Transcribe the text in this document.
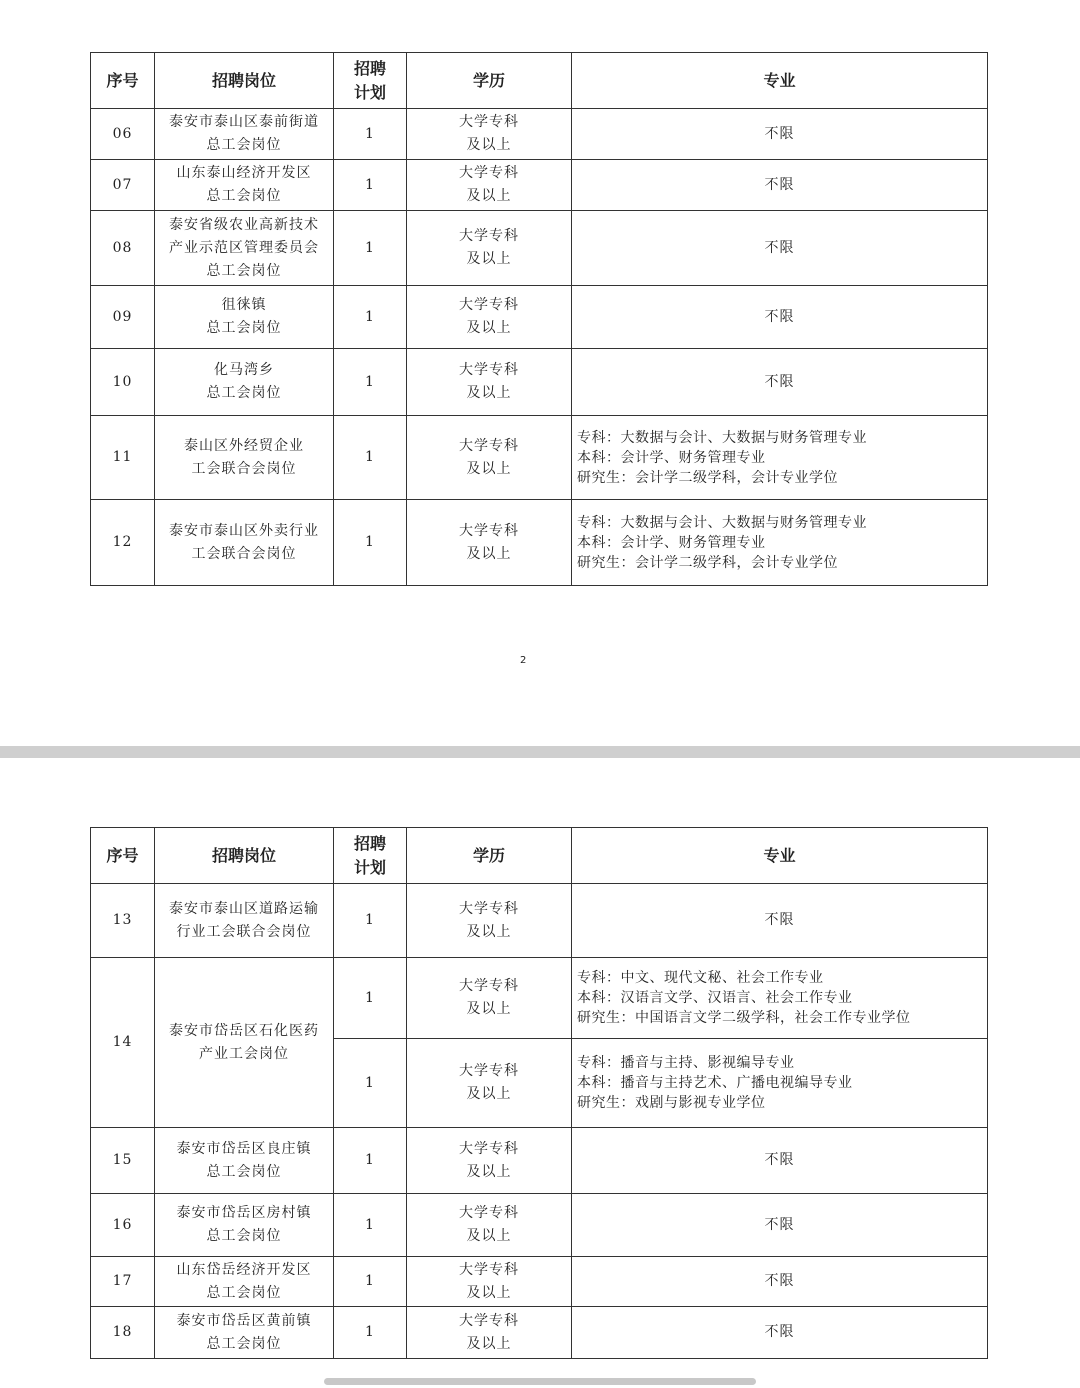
序号	招聘岗位	招聘
计划	学历	专业
06	泰安市泰山区泰前街道
总工会岗位	1	大学专科
及以上	不限
07	山东泰山经济开发区
总工会岗位	1	大学专科
及以上	不限
08	泰安省级农业高新技术
产业示范区管理委员会
总工会岗位	1	大学专科
及以上	不限
09	徂徕镇
总工会岗位	1	大学专科
及以上	不限
10	化马湾乡
总工会岗位	1	大学专科
及以上	不限
11	泰山区外经贸企业
工会联合会岗位	1	大学专科
及以上	专科：大数据与会计、大数据与财务管理专业
本科：会计学、财务管理专业
研究生：会计学二级学科，会计专业学位

12	泰安市泰山区外卖行业
工会联合会岗位	1	大学专科
及以上	专科：大数据与会计、大数据与财务管理专业
本科：会计学、财务管理专业
研究生：会计学二级学科，会计专业学位
2
序号	招聘岗位	招聘
计划	学历	专业
13	泰安市泰山区道路运输
行业工会联合会岗位	1	大学专科
及以上	不限
14	泰安市岱岳区石化医药
产业工会岗位	1	大学专科
及以上	专科：中文、现代文秘、社会工作专业
本科：汉语言文学、汉语言、社会工作专业
研究生：中国语言文学二级学科，社会工作专业学位

		1	大学专科
及以上	专科：播音与主持、影视编导专业
本科：播音与主持艺术、广播电视编导专业
研究生：戏剧与影视专业学位

15	泰安市岱岳区良庄镇
总工会岗位	1	大学专科
及以上	不限
16	泰安市岱岳区房村镇
总工会岗位	1	大学专科
及以上	不限
17	山东岱岳经济开发区
总工会岗位	1	大学专科
及以上	不限
18	泰安市岱岳区黄前镇
总工会岗位	1	大学专科
及以上	不限
